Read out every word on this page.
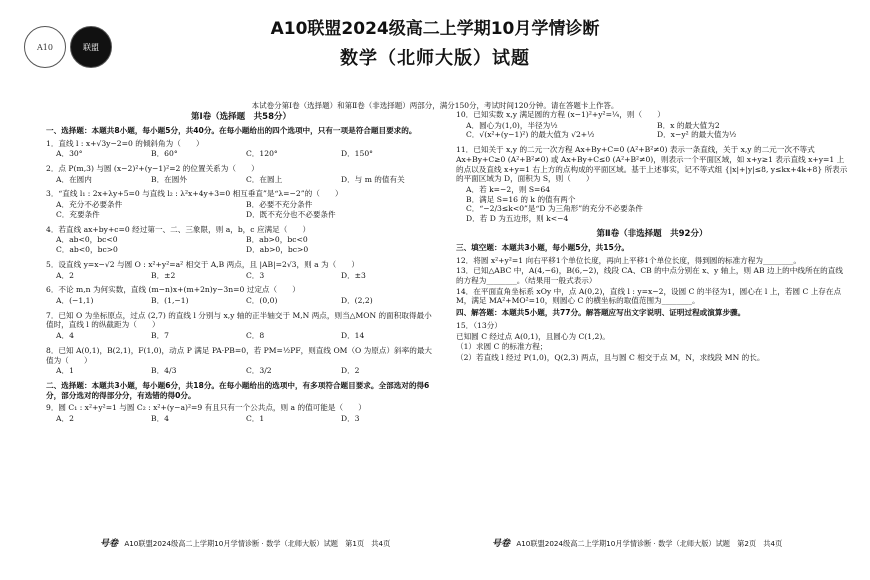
A10	联盟
A10联盟2024级高二上学期10月学情诊断
数学（北师大版）试题
本试卷分第Ⅰ卷（选择题）和第Ⅱ卷（非选择题）两部分，满分150分，考试时间120分钟。请在答题卡上作答。
第Ⅰ卷（选择题　共58分）
一、选择题：本题共8小题，每小题5分，共40分。在每小题给出的四个选项中，只有一项是符合题目要求的。
1．直线 l : x+√3y−2=0 的倾斜角为（　　）
A．30°	B．60°	C．120°	D．150°
2．点 P(m,3) 与圆 (x−2)²+(y−1)²=2 的位置关系为（　　）
A．在圆内	B．在圆外	C．在圆上	D．与 m 的值有关
3．“直线 l₁ : 2x+λy+5=0 与直线 l₂ : λ²x+4y+3=0 相互垂直”是“λ=−2”的（　　）
A．充分不必要条件	B．必要不充分条件
C．充要条件	D．既不充分也不必要条件
4．若直线 ax+by+c=0 经过第一、二、三象限，则 a，b，c 应满足（　　）
A．ab<0，bc<0	B．ab>0，bc<0
C．ab<0，bc>0	D．ab>0，bc>0
5．设直线 y=x−√2 与圆 O : x²+y²=a² 相交于 A,B 两点，且 |AB|=2√3，则 a 为（　　）
A．2	B．±2	C．3	D．±3
6．不论 m,n 为何实数，直线 (m−n)x+(m+2n)y−3n=0 过定点（　　）
A．(−1,1)	B．(1,−1)	C．(0,0)	D．(2,2)
7．已知 O 为坐标原点，过点 (2,7) 的直线 l 分别与 x,y 轴的正半轴交于 M,N 两点，则当△MON 的面积取得最小值时，直线 l 的纵截距为（　　）
A．4	B．7	C．8	D．14
8．已知 A(0,1)，B(2,1)，F(1,0)，动点 P 满足 PA·PB=0，若 PM=½PF，则直线 OM（O 为原点）斜率的最大值为（　　）
A．1	B．4/3	C．3/2	D．2
二、选择题：本题共3小题，每小题6分，共18分。在每小题给出的选项中，有多项符合题目要求。全部选对的得6分，部分选对的得部分分，有选错的得0分。
9．圆 C₁ : x²+y²=1 与圆 C₂ : x²+(y−a)²=9 有且只有一个公共点，则 a 的值可能是（　　）
A．2	B．4	C．1	D．3
10．已知实数 x,y 满足圆的方程 (x−1)²+y²=¼，则（　　）
A．圆心为(1,0)，半径为½	B．x 的最大值为2
C．√(x²+(y−1)²) 的最大值为 √2+½	D．x−y² 的最大值为½
11．已知关于 x,y 的二元一次方程 Ax+By+C=0 (A²+B²≠0) 表示一条直线，关于 x,y 的二元一次不等式 Ax+By+C≥0 (A²+B²≠0) 或 Ax+By+C≤0 (A²+B²≠0)，则表示一个平面区域，如 x+y≥1 表示直线 x+y=1 上的点以及直线 x+y=1 右上方的点构成的平面区域。基于上述事实，记不等式组 {|x|+|y|≤8, y≤kx+4k+8} 所表示的平面区域为 D，面积为 S，则（　　）
A．若 k=−2，则 S=64
B．满足 S=16 的 k 的值有两个
C．“−2/3≤k<0”是“D 为三角形”的充分不必要条件
D．若 D 为五边形，则 k<−4
第Ⅱ卷（非选择题　共92分）
三、填空题：本题共3小题，每小题5分，共15分。
12．将圆 x²+y²=1 向右平移1个单位长度，再向上平移1个单位长度，得到圆的标准方程为________。
13．已知△ABC 中，A(4,−6)，B(6,−2)，线段 CA、CB 的中点分别在 x、y 轴上，则 AB 边上的中线所在的直线的方程为________。（结果用一般式表示）
14．在平面直角坐标系 xOy 中，点 A(0,2)，直线 l : y=x−2，设圆 C 的半径为1，圆心在 l 上，若圆 C 上存在点 M，满足 MA²+MO²=10，则圆心 C 的横坐标的取值范围为________。
四、解答题：本题共5小题，共77分。解答题应写出文字说明、证明过程或演算步骤。
15．（13分）
已知圆 C 经过点 A(0,1)，且圆心为 C(1,2)。
（1）求圆 C 的标准方程；
（2）若直线 l 经过 P(1,0)，Q(2,3) 两点，且与圆 C 相交于点 M，N，求线段 MN 的长。
号卷 A10联盟2024级高二上学期10月学情诊断 · 数学（北师大版）试题　第1页　共4页	号卷 A10联盟2024级高二上学期10月学情诊断 · 数学（北师大版）试题　第2页　共4页
